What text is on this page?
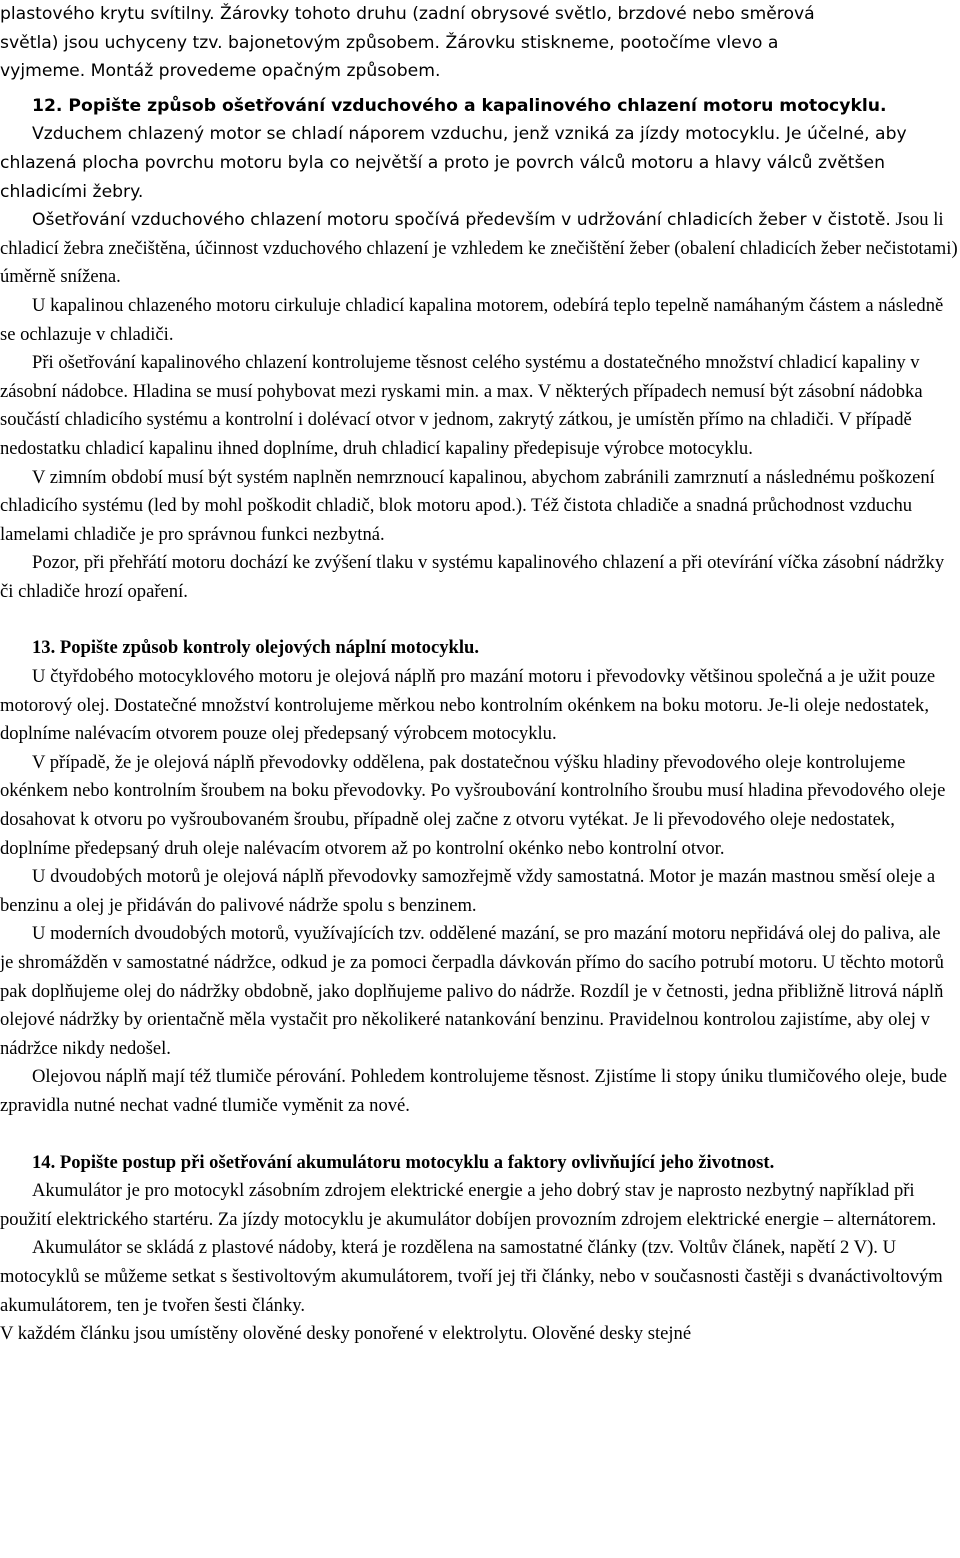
plastového krytu svítilny. Žárovky tohoto druhu (zadní obrysové světlo, brzdové nebo směrová

světla) jsou uchyceny tzv. bajonetovým způsobem. Žárovku stiskneme, pootočíme vlevo a

vyjmeme. Montáž provedeme opačným způsobem.

12. Popište způsob ošetřování vzduchového a kapalinového chlazení motoru motocyklu.

Vzduchem chlazený motor se chladí náporem vzduchu, jenž vzniká za jízdy motocyklu. Je účelné, aby chlazená plocha povrchu motoru byla co největší a proto je povrch válců motoru a hlavy válců zvětšen chladicími žebry.

Ošetřování vzduchového chlazení motoru spočívá především v udržování chladicích žeber v čistotě. Jsou li chladicí žebra znečištěna, účinnost vzduchového chlazení je vzhledem ke znečištění žeber (obalení chladicích žeber nečistotami) úměrně snížena.

U kapalinou chlazeného motoru cirkuluje chladicí kapalina motorem, odebírá teplo tepelně namáhaným částem a následně se ochlazuje v chladiči.

Při ošetřování kapalinového chlazení kontrolujeme těsnost celého systému a dostatečného množství chladicí kapaliny v zásobní nádobce. Hladina se musí pohybovat mezi ryskami min. a max. V některých případech nemusí být zásobní nádobka součástí chladicího systému a kontrolní i dolévací otvor v jednom, zakrytý zátkou, je umístěn přímo na chladiči. V případě nedostatku chladicí kapalinu ihned doplníme, druh chladicí kapaliny předepisuje výrobce motocyklu.

V zimním období musí být systém naplněn nemrznoucí kapalinou, abychom zabránili zamrznutí a následnému poškození chladicího systému (led by mohl poškodit chladič, blok motoru apod.). Též čistota chladiče a snadná průchodnost vzduchu lamelami chladiče je pro správnou funkci nezbytná.

Pozor, při přehřátí motoru dochází ke zvýšení tlaku v systému kapalinového chlazení a při otevírání víčka zásobní nádržky či chladiče hrozí opaření.

13. Popište způsob kontroly olejových náplní motocyklu.

U čtyřdobého motocyklového motoru je olejová náplň pro mazání motoru i převodovky většinou společná a je užit pouze motorový olej. Dostatečné množství kontrolujeme měrkou nebo kontrolním okénkem na boku motoru. Je-li oleje nedostatek, doplníme nalévacím otvorem pouze olej předepsaný výrobcem motocyklu.

V případě, že je olejová náplň převodovky oddělena, pak dostatečnou výšku hladiny převodového oleje kontrolujeme okénkem nebo kontrolním šroubem na boku převodovky. Po vyšroubování kontrolního šroubu musí hladina převodového oleje dosahovat k otvoru po vyšroubovaném šroubu, případně olej začne z otvoru vytékat. Je li převodového oleje nedostatek, doplníme předepsaný druh oleje nalévacím otvorem až po kontrolní okénko nebo kontrolní otvor.

U dvoudobých motorů je olejová náplň převodovky samozřejmě vždy samostatná. Motor je mazán mastnou směsí oleje a benzinu a olej je přidáván do palivové nádrže spolu s benzinem.

U moderních dvoudobých motorů, využívajících tzv. oddělené mazání, se pro mazání motoru nepřidává olej do paliva, ale je shromážděn v samostatné nádržce, odkud je za pomoci čerpadla dávkován přímo do sacího potrubí motoru. U těchto motorů pak doplňujeme olej do nádržky obdobně, jako doplňujeme palivo do nádrže. Rozdíl je v četnosti, jedna přibližně litrová náplň olejové nádržky by orientačně měla vystačit pro několikeré natankování benzinu. Pravidelnou kontrolou zajistíme, aby olej v nádržce nikdy nedošel.

Olejovou náplň mají též tlumiče pérování. Pohledem kontrolujeme těsnost. Zjistíme li stopy úniku tlumičového oleje, bude zpravidla nutné nechat vadné tlumiče vyměnit za nové.

14. Popište postup při ošetřování akumulátoru motocyklu a faktory ovlivňující jeho životnost.

Akumulátor je pro motocykl zásobním zdrojem elektrické energie a jeho dobrý stav je naprosto nezbytný například při použití elektrického startéru. Za jízdy motocyklu je akumulátor dobíjen provozním zdrojem elektrické energie – alternátorem.

Akumulátor se skládá z plastové nádoby, která je rozdělena na samostatné články (tzv. Voltův článek, napětí 2 V). U motocyklů se můžeme setkat s šestivoltovým akumulátorem, tvoří jej tři články, nebo v současnosti častěji s dvanáctivoltovým akumulátorem, ten je tvořen šesti články.

V každém článku jsou umístěny olověné desky ponořené v elektrolytu. Olověné desky stejné
